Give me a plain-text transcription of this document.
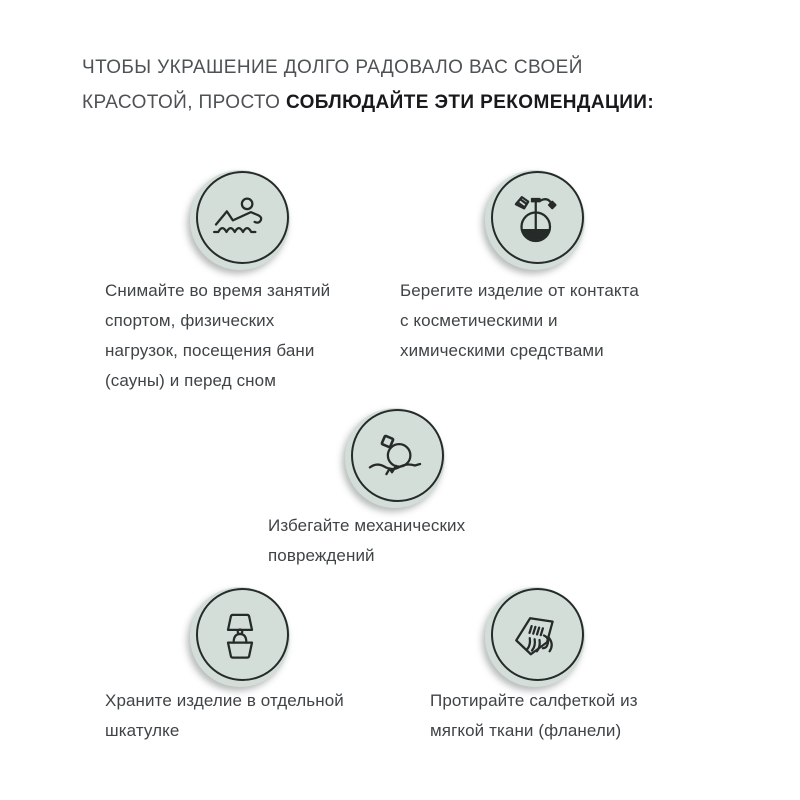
ЧТОБЫ УКРАШЕНИЕ ДОЛГО РАДОВАЛО ВАС СВОЕЙ
КРАСОТОЙ, ПРОСТО СОБЛЮДАЙТЕ ЭТИ РЕКОМЕНДАЦИИ:
Снимайте во время занятий
спортом, физических
нагрузок, посещения бани
(сауны) и перед сном
Берегите изделие от контакта
с косметическими и
химическими средствами
Избегайте механических
повреждений
Храните изделие в отдельной
шкатулке
Протирайте салфеткой из
мягкой ткани (фланели)
